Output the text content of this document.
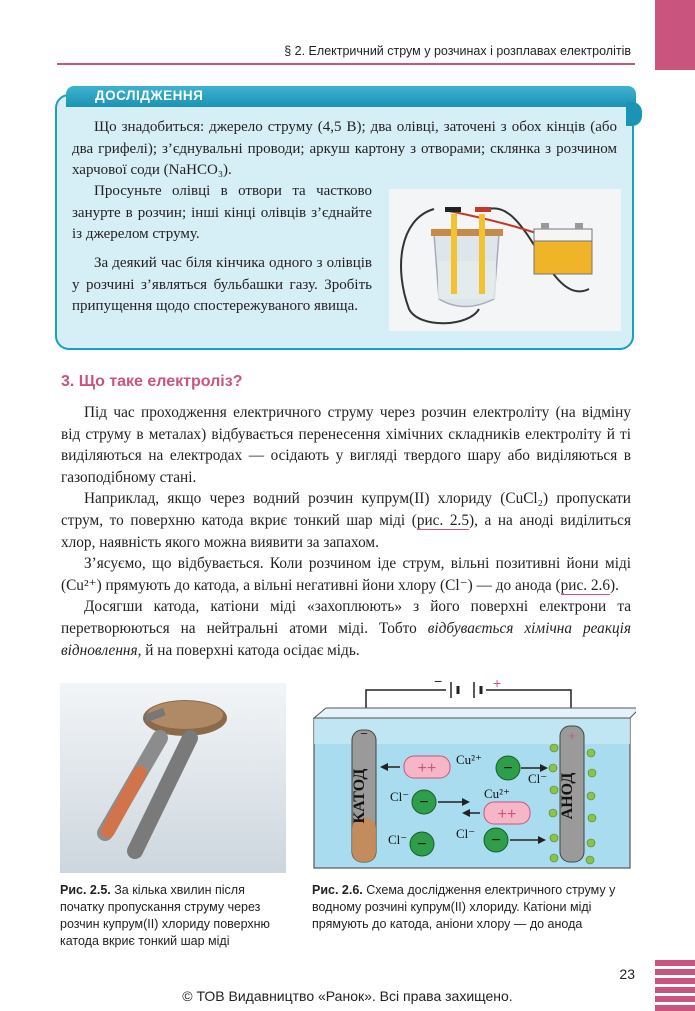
§ 2. Електричний струм у розчинах і розплавах електролітів
ДОСЛІДЖЕННЯ
Що знадобиться: джерело струму (4,5 В); два олівці, заточені з обох кінців (або два грифелі); з’єднувальні проводи; аркуш картону з отворами; склянка з розчином харчової соди (NaHCO₃).
Просуньте олівці в отвори та частково занурте в розчин; інші кінці олівців з’єднайте із джерелом струму.
За деякий час біля кінчика одного з олівців у розчині з’являться бульбашки газу. Зробіть припущення щодо спостережуваного явища.
3. Що таке електроліз?

Під час проходження електричного струму через розчин електроліту (на відміну від струму в металах) відбувається перенесення хімічних складників електроліту й ті виділяються на електродах — осідають у вигляді твердого шару або виділяються в газоподібному стані.

Наприклад, якщо через водний розчин купрум(ІІ) хлориду (CuCl₂) пропускати струм, то поверхню катода вкриє тонкий шар міді (рис. 2.5), а на аноді виділиться хлор, наявність якого можна виявити за запахом.

З’ясуємо, що відбувається. Коли розчином іде струм, вільні позитивні йони міді (Cu²⁺) прямують до катода, а вільні негативні йони хлору (Cl⁻) — до анода (рис. 2.6).

Досягши катода, катіони міді «захоплюють» з його поверхні електрони та перетворюються на нейтральні атоми міді. Тобто відбувається хімічна реакція відновлення, й на поверхні катода осідає мідь.

−	+
КАТОД
−
АНОД
+
++
Cu²⁺
−
Cl⁻
Cl⁻ −
Cu²⁺
++
Cl⁻ −
Cl⁻ −
Рис. 2.5. За кілька хвилин після початку пропускання струму через розчин купрум(ІІ) хлориду поверхню катода вкриє тонкий шар міді
Рис. 2.6. Схема дослідження електричного струму у водному розчині купрум(ІІ) хлориду. Катіони міді прямують до катода, аніони хлору — до анода
23
© ТОВ Видавництво «Ранок». Всі права захищено.
